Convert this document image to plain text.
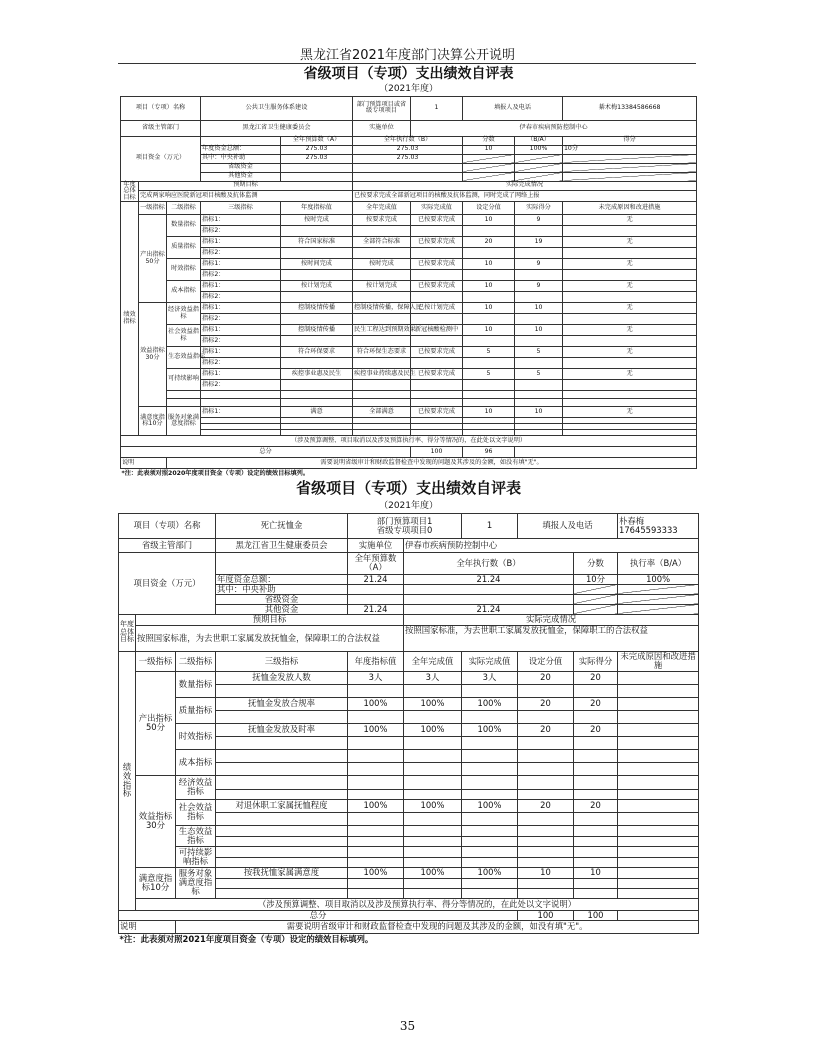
黑龙江省2021年度部门决算公开说明
省级项目（专项）支出绩效自评表									
（2021年度）									
项目（专项）名称			公共卫生服务体系建设		部门预算项目或省级专项项目	1	填报人及电话		綦术梅13384586668
省级主管部门			黑龙江省卫生健康委员会		实施单位	伊春市疾病预防控制中心			
项目资金（万元）				全年预算数（A）	全年执行数（B）		分数	（B/A）	得分
			年度资金总额：	275.03	275.03		10	100%	10分
			其中：中央补助	275.03	275.03				
			省级资金						
			其他资金						
年度总体目标	预期目标				实际完成情况				
	完成两家响应医院新冠项目核酸及抗体监测				已按要求完成全部新冠项目的核酸及抗体监测，同时完成了网络上报				
绩效指标	一级指标	二级指标	三级指标	年度指标值	全年完成值	实际完成值	设定分值	实际得分	未完成原因和改进措施
	产出指标50分	数量指标	指标1：	按时完成	按要求完成	已按要求完成	10	9	无
			指标2：						
		质量指标	指标1：	符合国家标准	全部符合标准	已按要求完成	20	19	无
			指标2：						
		时效指标	指标1：	按时间完成	按时完成	已按要求完成	10	9	无
			指标2：						
		成本指标	指标1：	按计划完成	按计划完成	已按要求完成	10	9	无
			指标2：						
	效益指标30分	经济效益指标	指标1：	控制疫情传播	控制疫情传播，保障人民	已按计划完成	10	10	无
			指标2：						
		社会效益指标	指标1：	控制疫情传播	民生工程达到预期效果	新冠核酸检测中	10	10	无
			指标2：						
		生态效益指标	指标1：	符合环保要求	符合环保生态要求	已按要求完成	5	5	无
			指标2：						
		可持续影响	指标1：	疾控事业惠及民生	疾控事业持续惠及民生	已按要求完成	5	5	无
			指标2：						

	满意度指标10分	服务对象满意度指标	指标1：	满意	全部满意	已按要求完成	10	10	无

（涉及预算调整、项目取消以及涉及预算执行率、得分等情况的，在此处以文字说明）									
总分						100	96		
说明		需要说明省级审计和财政监督检查中发现的问题及其涉及的金额，如没有填"无"。							
*注：此表须对照2020年度项目资金（专项）设定的绩效目标填列。									
省级项目（专项）支出绩效自评表										
（2021年度）										
项目（专项）名称			死亡抚恤金	部门预算项目1
省级专项项目0		1	填报人及电话		朴春梅
17645593333	
省级主管部门			黑龙江省卫生健康委员会	实施单位	伊春市疾病预防控制中心					
项目资金（万元）				全年预算数（A）	全年执行数（B）			分数	执行率（B/A）	
			年度资金总额：	21.24	21.24			10分	100%	
			其中：中央补助							
			省级资金							
			其他资金	21.24	21.24					
年度总体目标	预期目标				实际完成情况					
	按照国家标准，为去世职工家属发放抚恤金，保障职工的合法权益				按照国家标准，为去世职工家属发放抚恤金，保障职工的合法权益					
绩效指标	一级指标	二级指标	三级指标	年度指标值	全年完成值	实际完成值	设定分值	实际得分	未完成原因和改进措施	
	产出指标50分	数量指标	抚恤金发放人数	3人	3人	3人	20	20		

		质量指标	抚恤金发放合规率	100%	100%	100%	20	20		

		时效指标	抚恤金发放及时率	100%	100%	100%	20	20		

		成本指标								

	效益指标30分	经济效益指标								

		社会效益指标	对退休职工家属抚恤程度	100%	100%	100%	20	20		

		生态效益指标								

		可持续影响指标								

	满意度指标10分	服务对象满意度指标	按我抚恤家属满意度	100%	100%	100%	10	10		

	（涉及预算调整、项目取消以及涉及预算执行率、得分等情况的，在此处以文字说明）									
总分							100	100		
说明		需要说明省级审计和财政监督检查中发现的问题及其涉及的金额，如没有填"无"。								
*注：此表须对照2021年度项目资金（专项）设定的绩效目标填列。										
35
